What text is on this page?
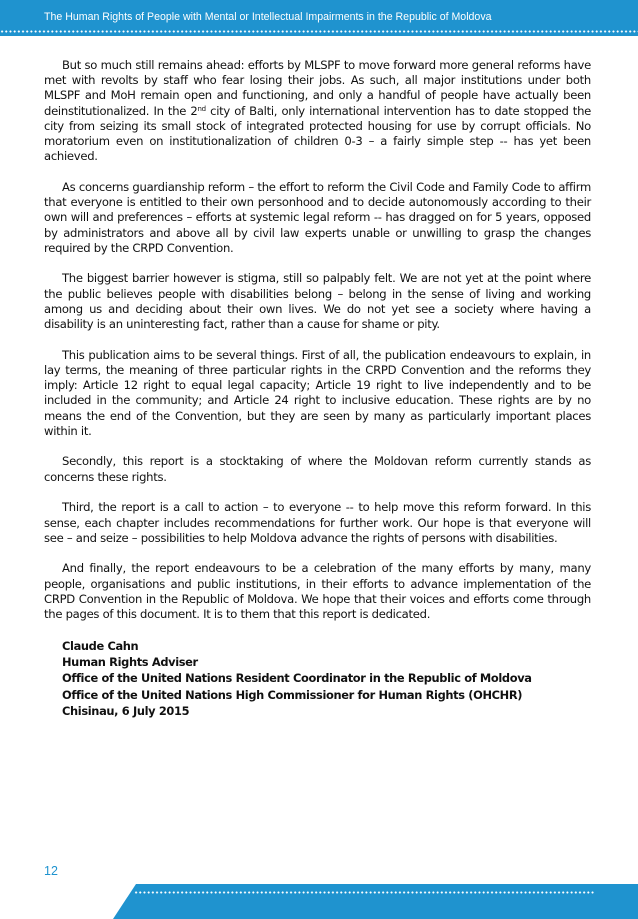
The Human Rights of People with Mental or Intellectual Impairments in the Republic of Moldova

But so much still remains ahead: efforts by MLSPF to move forward more general reforms have met with revolts by staff who fear losing their jobs. As such, all major institutions under both MLSPF and MoH remain open and functioning, and only a handful of people have actually been deinstitutionalized. In the 2nd city of Balti, only international intervention has to date stopped the city from seizing its small stock of integrated protected housing for use by corrupt officials. No moratorium even on institutionalization of children 0-3 – a fairly simple step -- has yet been achieved.

As concerns guardianship reform – the effort to reform the Civil Code and Family Code to affirm that everyone is entitled to their own personhood and to decide autonomously according to their own will and preferences – efforts at systemic legal reform -- has dragged on for 5 years, opposed by administrators and above all by civil law experts unable or unwilling to grasp the changes required by the CRPD Convention.

The biggest barrier however is stigma, still so palpably felt. We are not yet at the point where the public believes people with disabilities belong – belong in the sense of living and working among us and deciding about their own lives. We do not yet see a society where having a disability is an uninteresting fact, rather than a cause for shame or pity.

This publication aims to be several things. First of all, the publication endeavours to explain, in lay terms, the meaning of three particular rights in the CRPD Convention and the reforms they imply: Article 12 right to equal legal capacity; Article 19 right to live independently and to be included in the community; and Article 24 right to inclusive education. These rights are by no means the end of the Convention, but they are seen by many as particularly important places within it.

Secondly, this report is a stocktaking of where the Moldovan reform currently stands as concerns these rights.

Third, the report is a call to action – to everyone -- to help move this reform forward. In this sense, each chapter includes recommendations for further work. Our hope is that everyone will see – and seize – possibilities to help Moldova advance the rights of persons with disabilities.

And finally, the report endeavours to be a celebration of the many efforts by many, many people, organisations and public institutions, in their efforts to advance implementation of the CRPD Convention in the Republic of Moldova. We hope that their voices and efforts come through the pages of this document. It is to them that this report is dedicated.

Claude Cahn
Human Rights Adviser
Office of the United Nations Resident Coordinator in the Republic of Moldova
Office of the United Nations High Commissioner for Human Rights (OHCHR)
Chisinau, 6 July 2015
12
